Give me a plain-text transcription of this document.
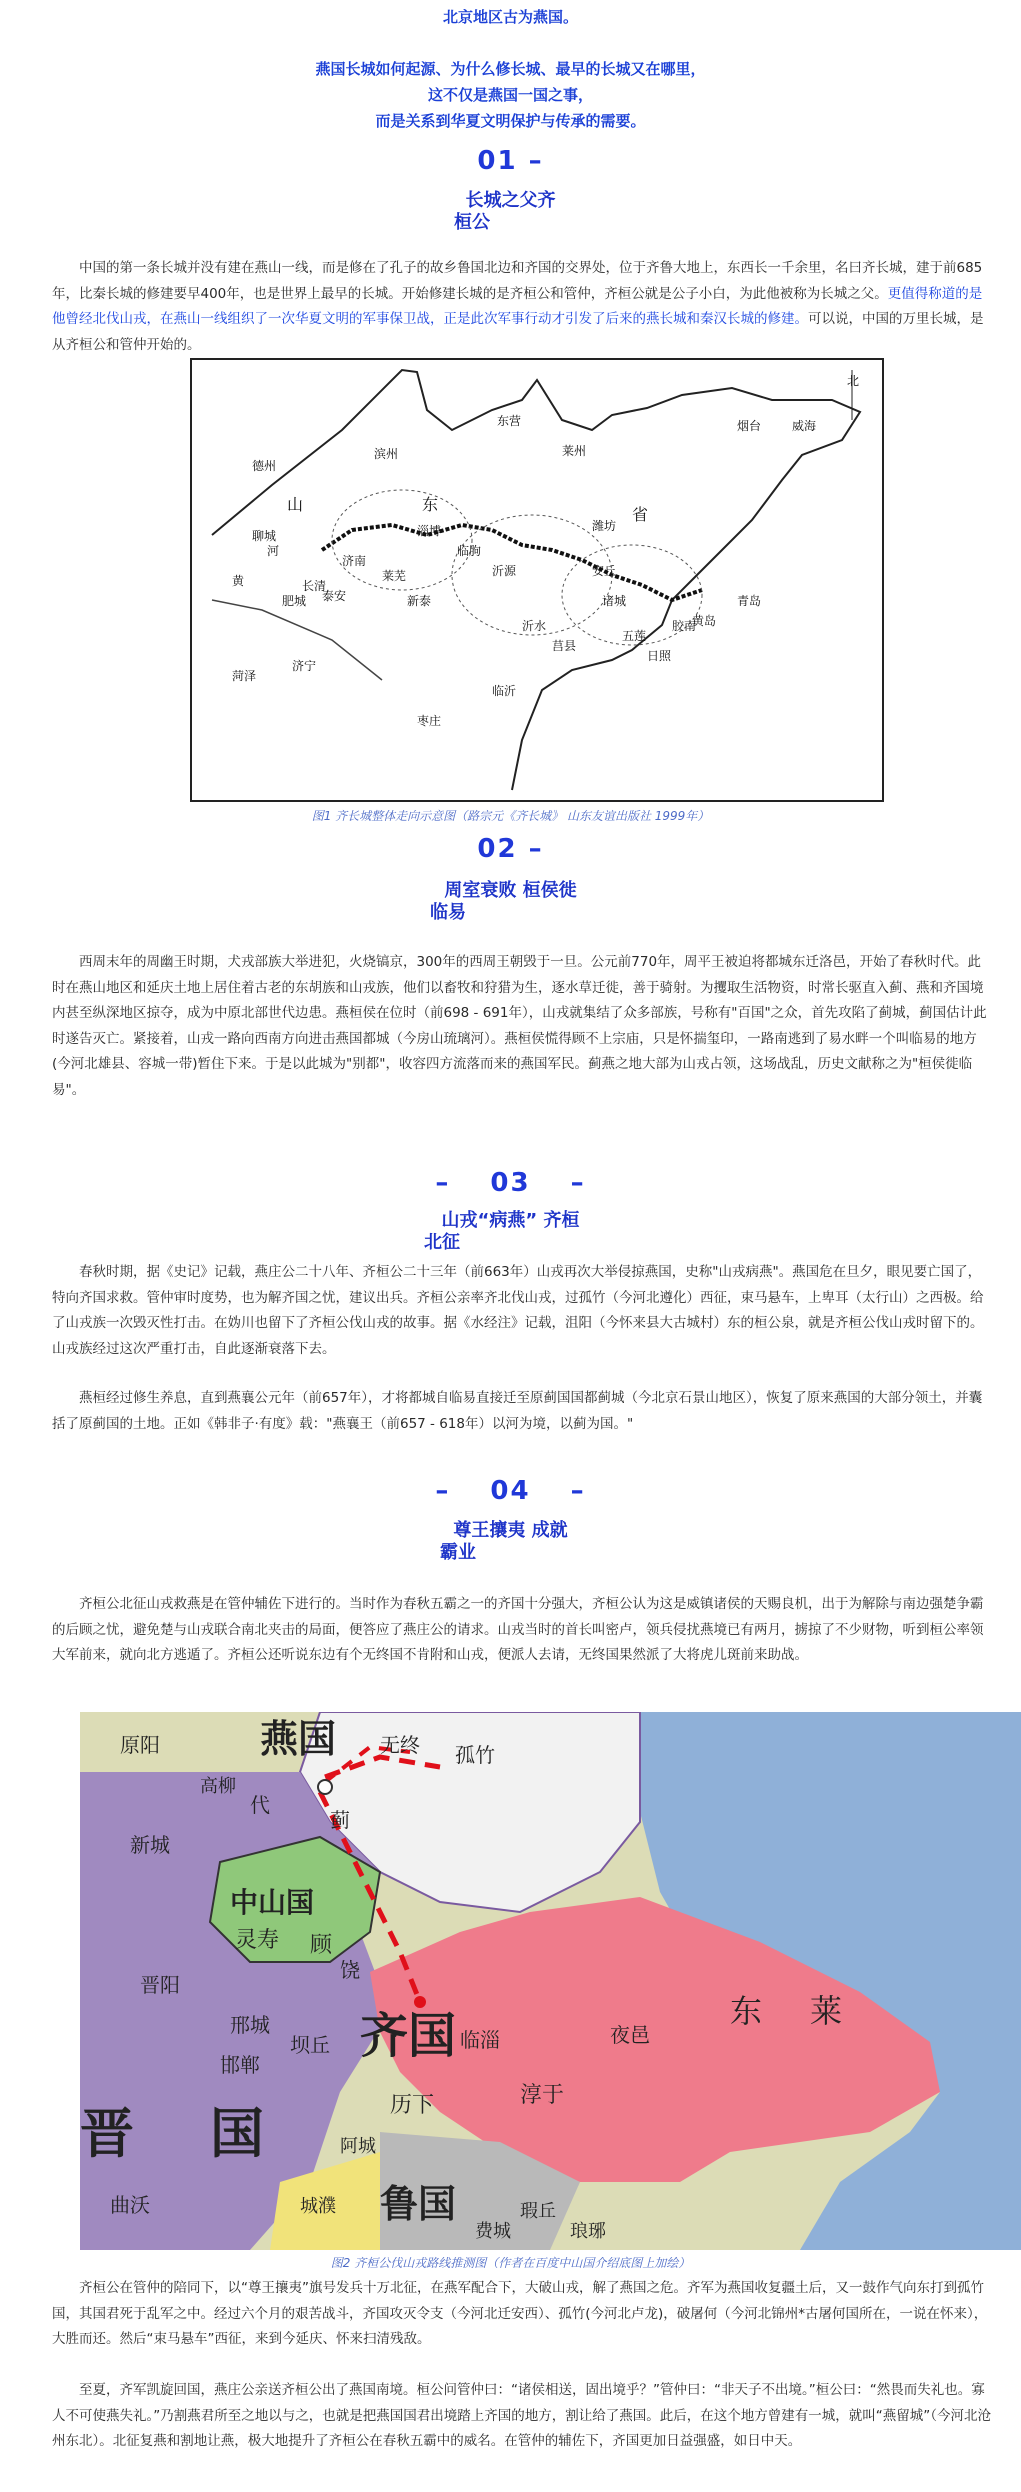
北京地区古为燕国。
燕国长城如何起源、为什么修长城、最早的长城又在哪里，
这不仅是燕国一国之事，
而是关系到华夏文明保护与传承的需要。
01 –
长城之父齐
桓公
中国的第一条长城并没有建在燕山一线，而是修在了孔子的故乡鲁国北边和齐国的交界处，位于齐鲁大地上，东西长一千余里，名曰齐长城，建于前685年，比秦长城的修建要早400年，也是世界上最早的长城。开始修建长城的是齐桓公和管仲，齐桓公就是公子小白，为此他被称为长城之父。更值得称道的是他曾经北伐山戎，在燕山一线组织了一次华夏文明的军事保卫战，正是此次军事行动才引发了后来的燕长城和秦汉长城的修建。可以说，中国的万里长城，是从齐桓公和管仲开始的。
北
山	东
省
德州
滨州
东营	烟台	威海
莱州
淄博
临朐
潍坊
青岛
济南
长清
莱芜
泰安
肥城	新泰
沂源
沂水
日照
胶南
安丘
诸城
莒县
五莲
聊城
济宁
菏泽
枣庄
临沂
黄岛
河
黄
图1 齐长城整体走向示意图（路宗元《齐长城》 山东友谊出版社 1999年）
02 –
周室衰败 桓侯徙
临易
西周末年的周幽王时期，犬戎部族大举进犯，火烧镐京，300年的西周王朝毁于一旦。公元前770年，周平王被迫将都城东迁洛邑，开始了春秋时代。此时在燕山地区和延庆土地上居住着古老的东胡族和山戎族，他们以畜牧和狩猎为生，逐水草迁徙，善于骑射。为攫取生活物资，时常长驱直入蓟、燕和齐国境内甚至纵深地区掠夺，成为中原北部世代边患。燕桓侯在位时（前698 - 691年），山戎就集结了众多部族，号称有"百国"之众，首先攻陷了蓟城，蓟国估计此时遂告灭亡。紧接着，山戎一路向西南方向进击燕国都城（今房山琉璃河）。燕桓侯慌得顾不上宗庙，只是怀揣玺印，一路南逃到了易水畔一个叫临易的地方(今河北雄县、容城一带)暂住下来。于是以此城为"别都"，收容四方流落而来的燕国军民。蓟燕之地大部为山戎占领，这场战乱，历史文献称之为"桓侯徙临易"。
– 03 –
山戎“病燕” 齐桓
北征
春秋时期，据《史记》记载，燕庄公二十八年、齐桓公二十三年（前663年）山戎再次大举侵掠燕国，史称"山戎病燕"。燕国危在旦夕，眼见要亡国了，特向齐国求救。管仲审时度势，也为解齐国之忧，建议出兵。齐桓公亲率齐北伐山戎，过孤竹（今河北遵化）西征，束马悬车，上卑耳（太行山）之西极。给了山戎族一次毁灭性打击。在妫川也留下了齐桓公伐山戎的故事。据《水经注》记载，沮阳（今怀来县大古城村）东的桓公泉，就是齐桓公伐山戎时留下的。山戎族经过这次严重打击，自此逐渐衰落下去。
燕桓经过修生养息，直到燕襄公元年（前657年），才将都城自临易直接迁至原蓟国国都蓟城（今北京石景山地区），恢复了原来燕国的大部分领土，并囊括了原蓟国的土地。正如《韩非子·有度》载："燕襄王（前657 - 618年）以河为境，以蓟为国。"
– 04 –
尊王攘夷 成就
霸业
齐桓公北征山戎救燕是在管仲辅佐下进行的。当时作为春秋五霸之一的齐国十分强大，齐桓公认为这是威镇诸侯的天赐良机，出于为解除与南边强楚争霸的后顾之忧，避免楚与山戎联合南北夹击的局面，便答应了燕庄公的请求。山戎当时的首长叫密卢，领兵侵扰燕境已有两月，掳掠了不少财物，听到桓公率领大军前来，就向北方逃遁了。齐桓公还听说东边有个无终国不肯附和山戎，便派人去请，无终国果然派了大将虎儿斑前来助战。
燕国 无终 孤竹
原阳
高柳
代
蓟
新城
中山国
灵寿 顾
饶
晋阳
邢城
邯郸
坝丘
晋 国
曲沃
齐国 临淄	夜邑
东 莱
历下	淳于
阿城
城濮 鲁国
费城
瑕丘
琅琊
图2 齐桓公伐山戎路线推测图（作者在百度中山国介绍底图上加绘）
齐桓公在管仲的陪同下，以“尊王攘夷”旗号发兵十万北征，在燕军配合下，大破山戎，解了燕国之危。齐军为燕国收复疆土后，又一鼓作气向东打到孤竹国，其国君死于乱军之中。经过六个月的艰苦战斗，齐国攻灭令支（今河北迁安西）、孤竹(今河北卢龙)，破屠何（今河北锦州*古屠何国所在，一说在怀来），大胜而还。然后“束马悬车”西征，来到今延庆、怀来扫清残敌。
至夏，齐军凯旋回国，燕庄公亲送齐桓公出了燕国南境。桓公问管仲曰：“诸侯相送，固出境乎？”管仲曰：“非天子不出境。”桓公曰：“然畏而失礼也。寡人不可使燕失礼。”乃割燕君所至之地以与之，也就是把燕国国君出境踏上齐国的地方，割让给了燕国。此后，在这个地方曾建有一城，就叫“燕留城”（今河北沧州东北）。北征复燕和割地让燕，极大地提升了齐桓公在春秋五霸中的威名。在管仲的辅佐下，齐国更加日益强盛，如日中天。
